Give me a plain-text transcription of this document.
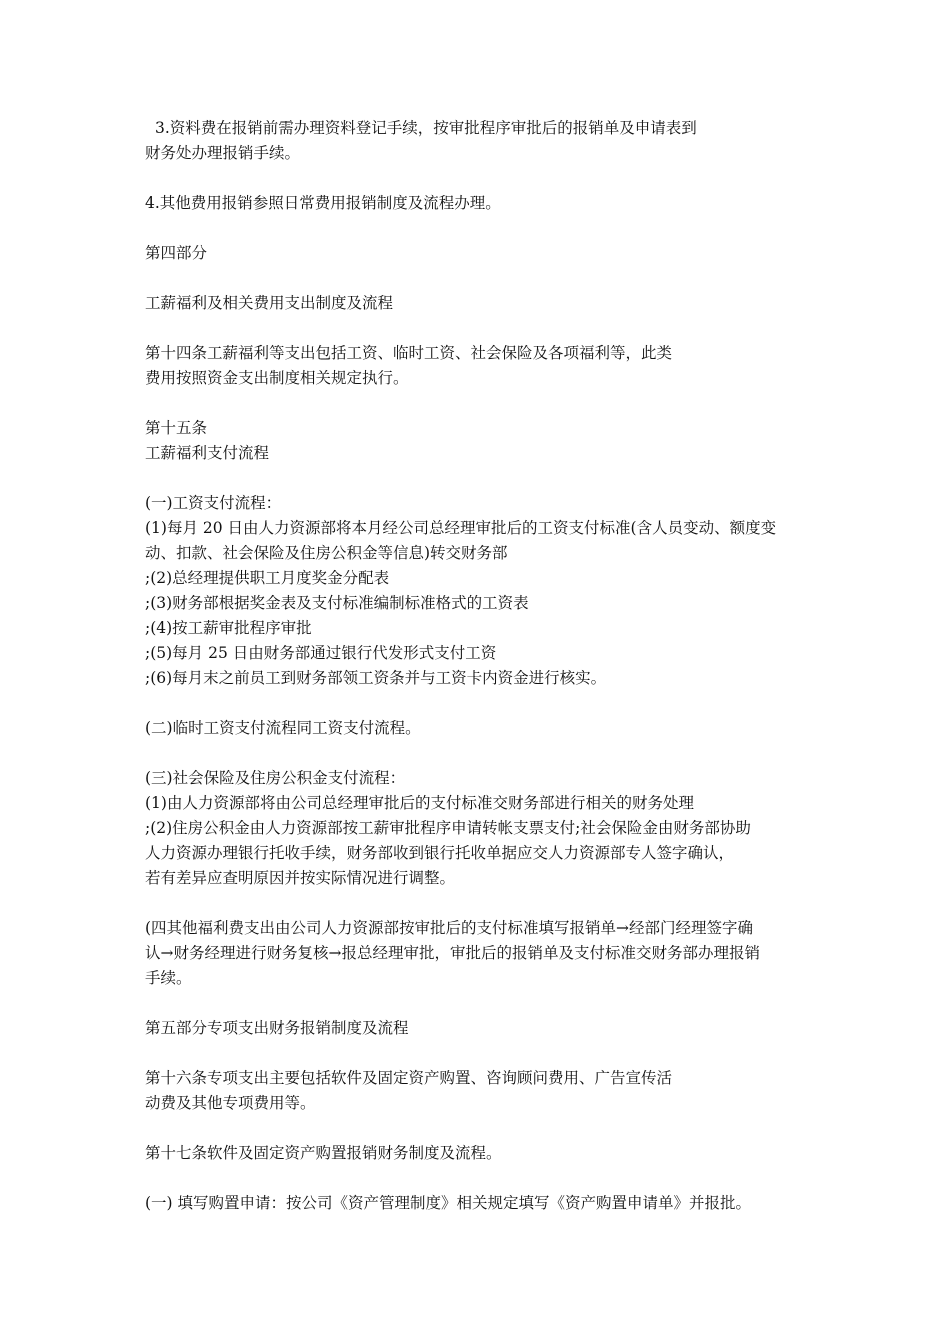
3.资料费在报销前需办理资料登记手续，按审批程序审批后的报销单及申请表到
财务处办理报销手续。
4.其他费用报销参照日常费用报销制度及流程办理。
第四部分
工薪福利及相关费用支出制度及流程
第十四条工薪福利等支出包括工资、临时工资、社会保险及各项福利等，此类
费用按照资金支出制度相关规定执行。
第十五条
工薪福利支付流程
(一)工资支付流程：
(1)每月 20 日由人力资源部将本月经公司总经理审批后的工资支付标准(含人员变动、额度变
动、扣款、社会保险及住房公积金等信息)转交财务部
;(2)总经理提供职工月度奖金分配表
;(3)财务部根据奖金表及支付标准编制标准格式的工资表
;(4)按工薪审批程序审批
;(5)每月 25 日由财务部通过银行代发形式支付工资
;(6)每月末之前员工到财务部领工资条并与工资卡内资金进行核实。
(二)临时工资支付流程同工资支付流程。
(三)社会保险及住房公积金支付流程：
(1)由人力资源部将由公司总经理审批后的支付标准交财务部进行相关的财务处理
;(2)住房公积金由人力资源部按工薪审批程序申请转帐支票支付;社会保险金由财务部协助
人力资源办理银行托收手续，财务部收到银行托收单据应交人力资源部专人签字确认，
若有差异应查明原因并按实际情况进行调整。
(四其他福利费支出由公司人力资源部按审批后的支付标准填写报销单→经部门经理签字确
认→财务经理进行财务复核→报总经理审批，审批后的报销单及支付标准交财务部办理报销
手续。
第五部分专项支出财务报销制度及流程
第十六条专项支出主要包括软件及固定资产购置、咨询顾问费用、广告宣传活
动费及其他专项费用等。
第十七条软件及固定资产购置报销财务制度及流程。
(一) 填写购置申请：按公司《资产管理制度》相关规定填写《资产购置申请单》并报批。
